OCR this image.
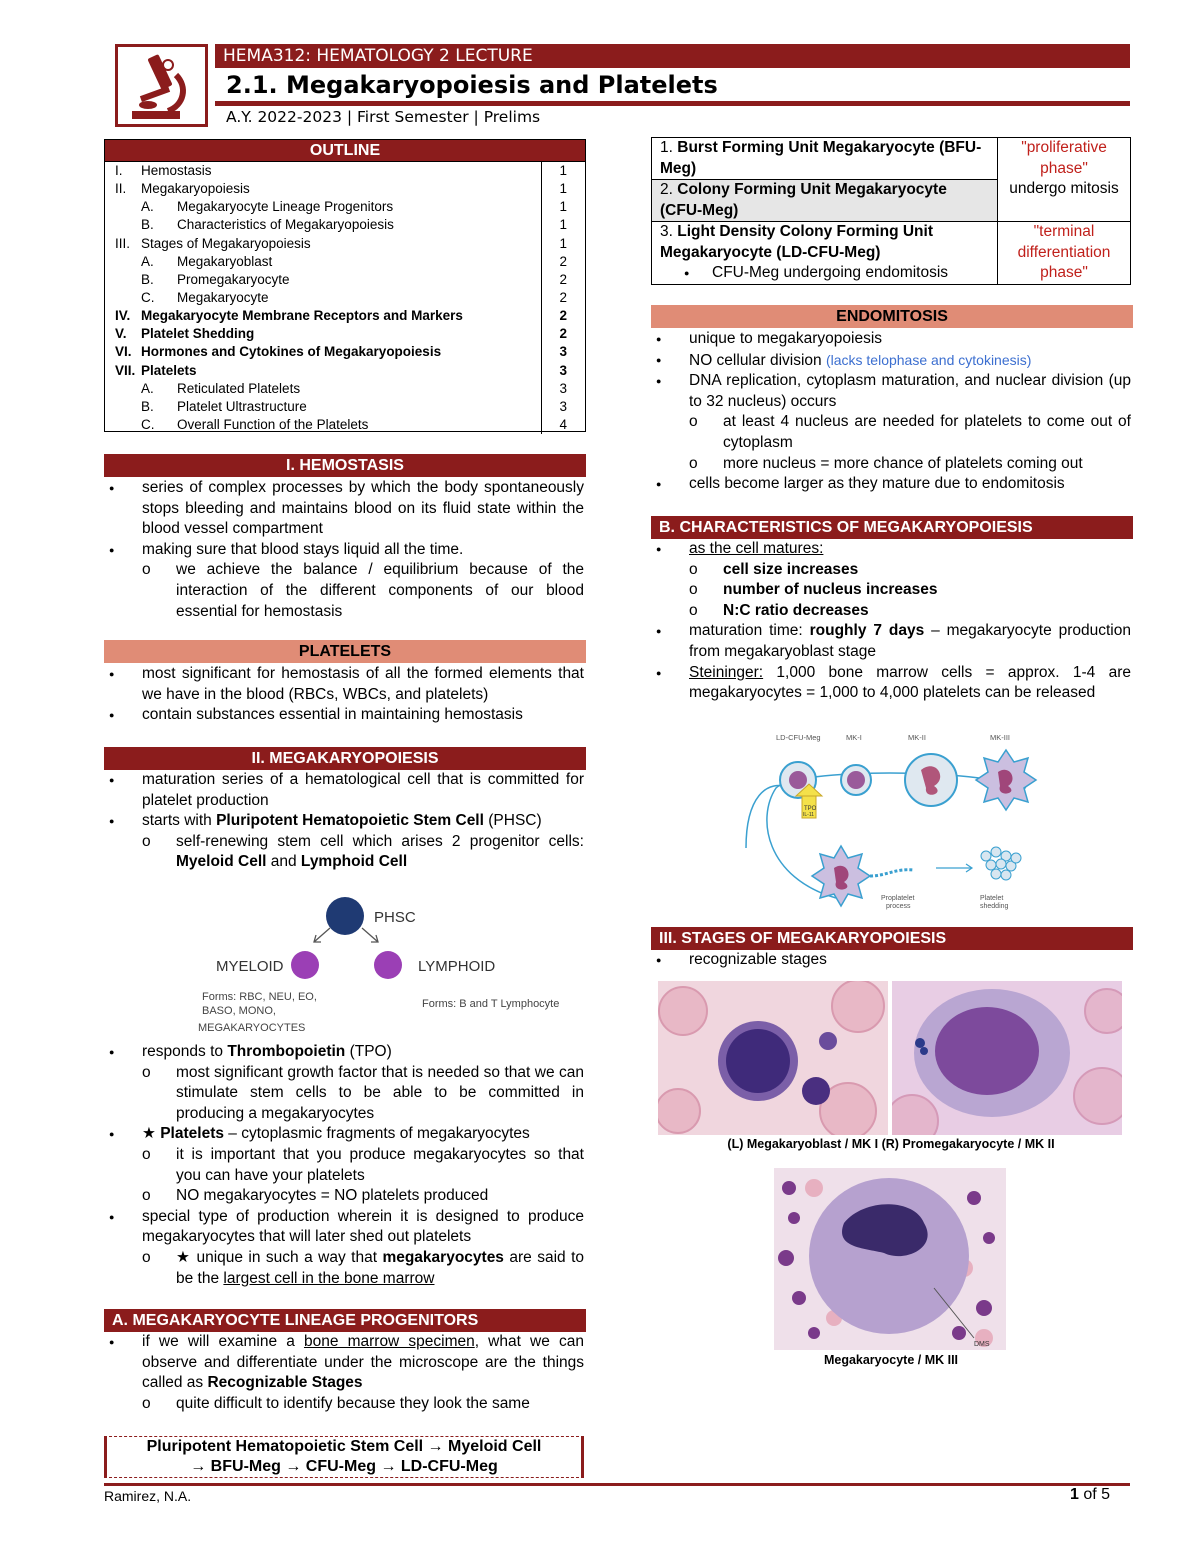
HEMA312: HEMATOLOGY 2 LECTURE
2.1. Megakaryopoiesis and Platelets
A.Y. 2022-2023 | First Semester | Prelims
OUTLINE
I.	Hemostasis	1
II.	Megakaryopoiesis	1
	A. Megakaryocyte Lineage Progenitors	1
	B. Characteristics of Megakaryopoiesis	1
III.	Stages of Megakaryopoiesis	1
	A. Megakaryoblast	2
	B. Promegakaryocyte	2
	C. Megakaryocyte	2
IV.	Megakaryocyte Membrane Receptors and Markers	2
V.	Platelet Shedding	2
VI.	Hormones and Cytokines of Megakaryopoiesis	3
VII.	Platelets	3
	A. Reticulated Platelets	3
	B. Platelet Ultrastructure	3
	C. Overall Function of the Platelets	4
I. HEMOSTASIS
● series of complex processes by which the body spontaneously stops bleeding and maintains blood on its fluid state within the blood vessel compartment
● making sure that blood stays liquid all the time.
o we achieve the balance / equilibrium because of the interaction of the different components of our blood essential for hemostasis
PLATELETS
● most significant for hemostasis of all the formed elements that we have in the blood (RBCs, WBCs, and platelets)
● contain substances essential in maintaining hemostasis
II. MEGAKARYOPOIESIS
● maturation series of a hematological cell that is committed for platelet production
● starts with Pluripotent Hematopoietic Stem Cell (PHSC)
o self-renewing stem cell which arises 2 progenitor cells: Myeloid Cell and Lymphoid Cell
PHSC
MYELOID	LYMPHOID
Forms: RBC, NEU, EO,
BASO, MONO,
MEGAKARYOCYTES
Forms: B and T Lymphocyte
● responds to Thrombopoietin (TPO)
o most significant growth factor that is needed so that we can stimulate stem cells to be able to be committed in producing a megakaryocytes
● ★ Platelets – cytoplasmic fragments of megakaryocytes
o it is important that you produce megakaryocytes so that you can have your platelets
o NO megakaryocytes = NO platelets produced
● special type of production wherein it is designed to produce megakaryocytes that will later shed out platelets
o ★ unique in such a way that megakaryocytes are said to be the largest cell in the bone marrow
A. MEGAKARYOCYTE LINEAGE PROGENITORS
● if we will examine a bone marrow specimen, what we can observe and differentiate under the microscope are the things called as Recognizable Stages
o quite difficult to identify because they look the same
Pluripotent Hematopoietic Stem Cell → Myeloid Cell
→ BFU-Meg → CFU-Meg → LD-CFU-Meg
1. Burst Forming Unit Megakaryocyte (BFU-Meg)	"proliferative phase"
undergo mitosis

2. Colony Forming Unit Megakaryocyte (CFU-Meg)	
3. Light Density Colony Forming Unit Megakaryocyte (LD-CFU-Meg)
● CFU-Meg undergoing endomitosis	"terminal differentiation phase"
ENDOMITOSIS
● unique to megakaryopoiesis
● NO cellular division (lacks telophase and cytokinesis)
● DNA replication, cytoplasm maturation, and nuclear division (up to 32 nucleus) occurs
o at least 4 nucleus are needed for platelets to come out of cytoplasm
o more nucleus = more chance of platelets coming out
● cells become larger as they mature due to endomitosis
B. CHARACTERISTICS OF MEGAKARYOPOIESIS
● as the cell matures:
o cell size increases
o number of nucleus increases
o N:C ratio decreases
● maturation time: roughly 7 days – megakaryocyte production from megakaryoblast stage
● Steininger: 1,000 bone marrow cells = approx. 1-4 are megakaryocytes = 1,000 to 4,000 platelets can be released
LD-CFU-Meg	MK-I	MK-II	MK-III
TPO
IL-11
Proplatelet
process
Platelet
shedding
III. STAGES OF MEGAKARYOPOIESIS
● recognizable stages
(L) Megakaryoblast / MK I (R) Promegakaryocyte / MK II
DMS
Megakaryocyte / MK III
Ramirez, N.A.	1 of 5
